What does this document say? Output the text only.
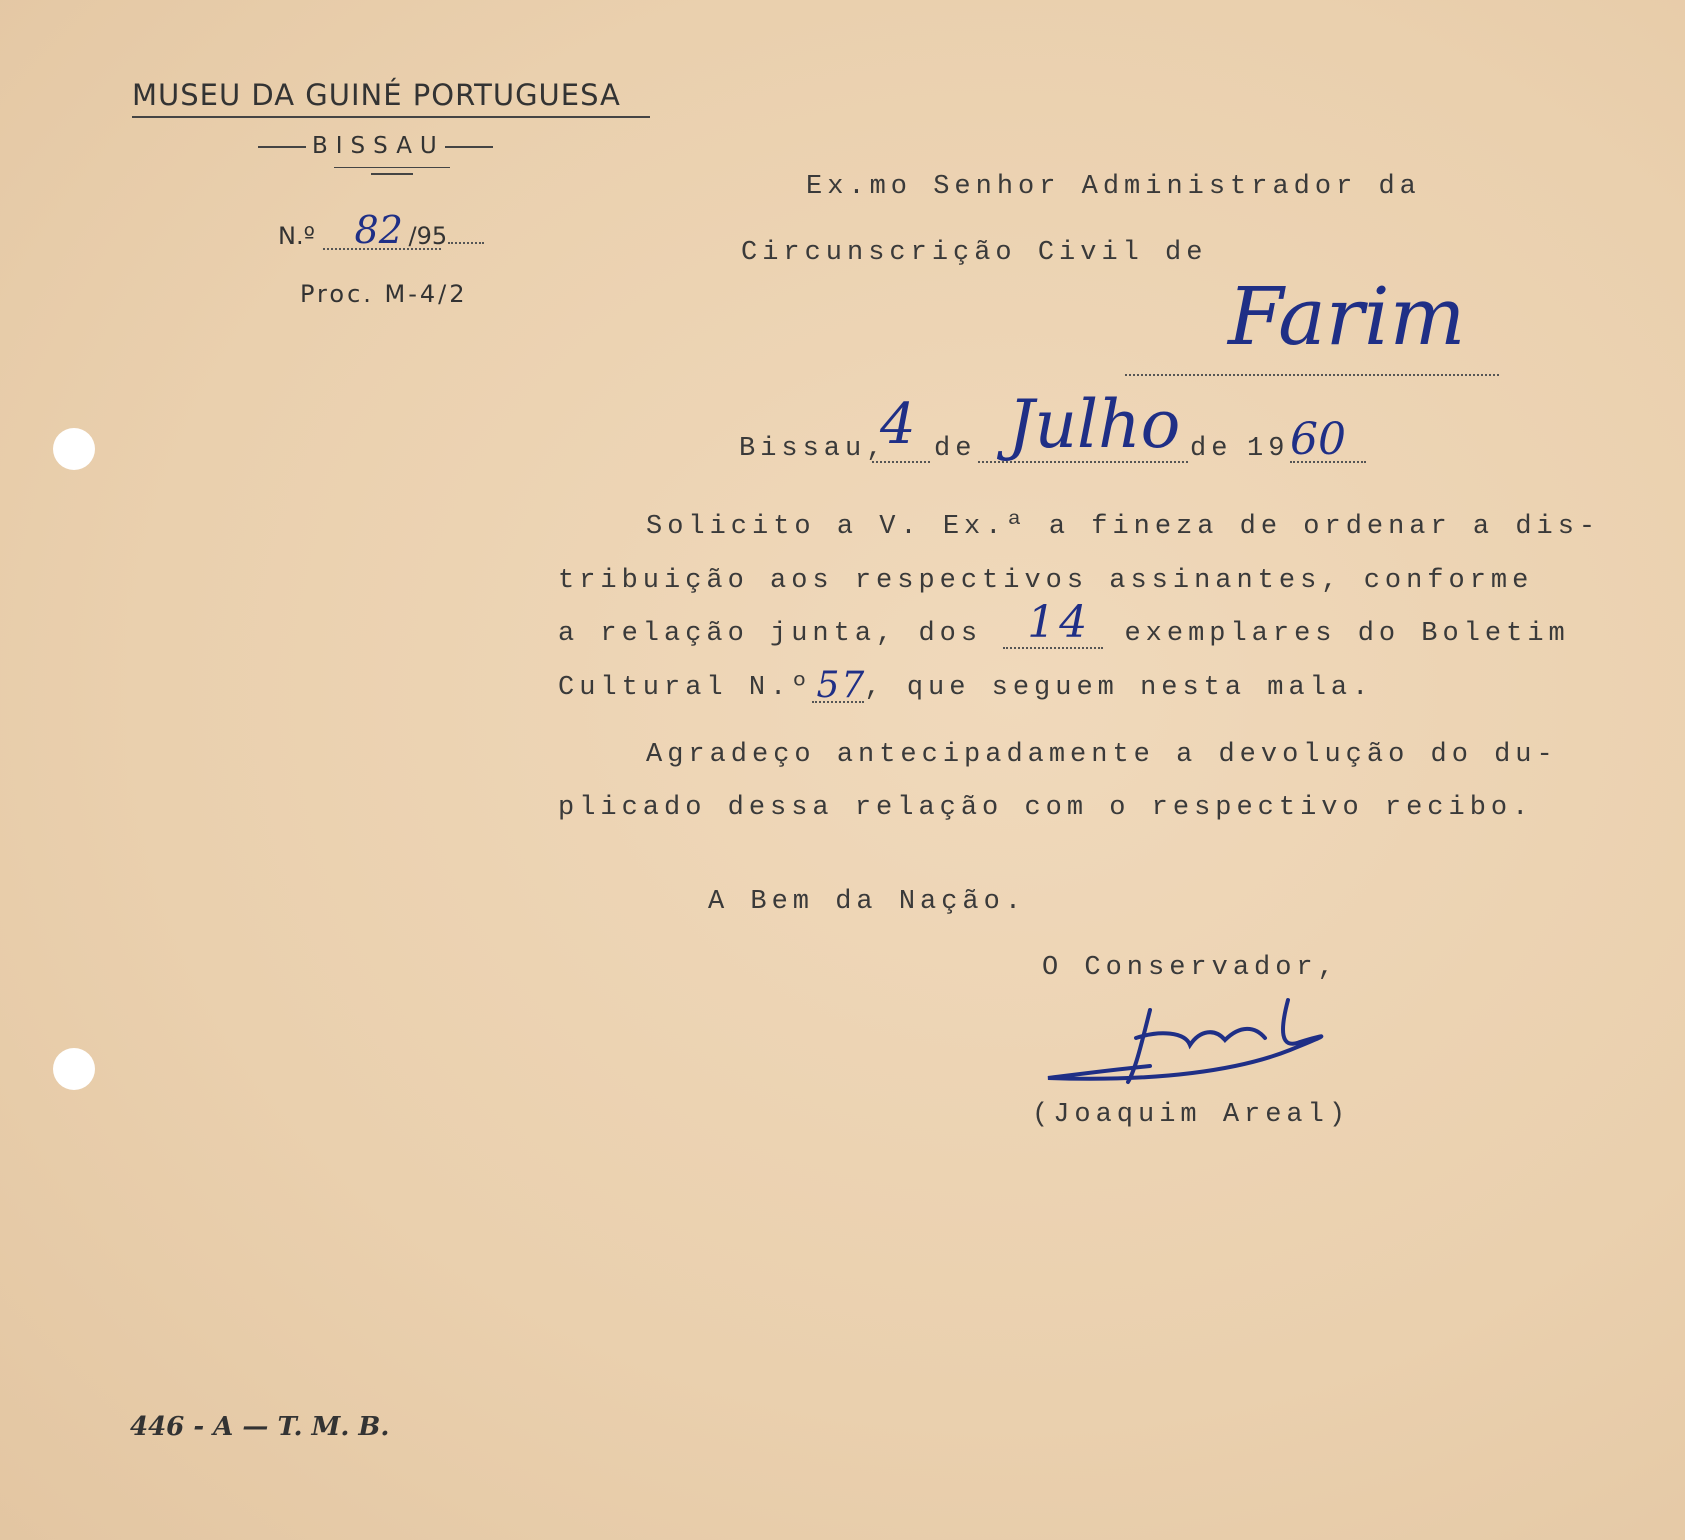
MUSEU DA GUINÉ PORTUGUESA
BISSAU
N.º 82 /95

Proc. M-4/2
Ex.mo Senhor Administrador da
Circunscrição Civil de
Farim
Bissau,
4 de Julho de 19 60
Solicito a V. Ex.ª a fineza de ordenar a dis-
tribuição aos respectivos assinantes, conforme
a relação junta, dos 14 exemplares do Boletim
Cultural N.º 57
, que seguem nesta mala.
Agradeço antecipadamente a devolução do du-
plicado dessa relação com o respectivo recibo.
A Bem da Nação.
O Conservador,
(Joaquim Areal)
446 - A — T. M. B.
